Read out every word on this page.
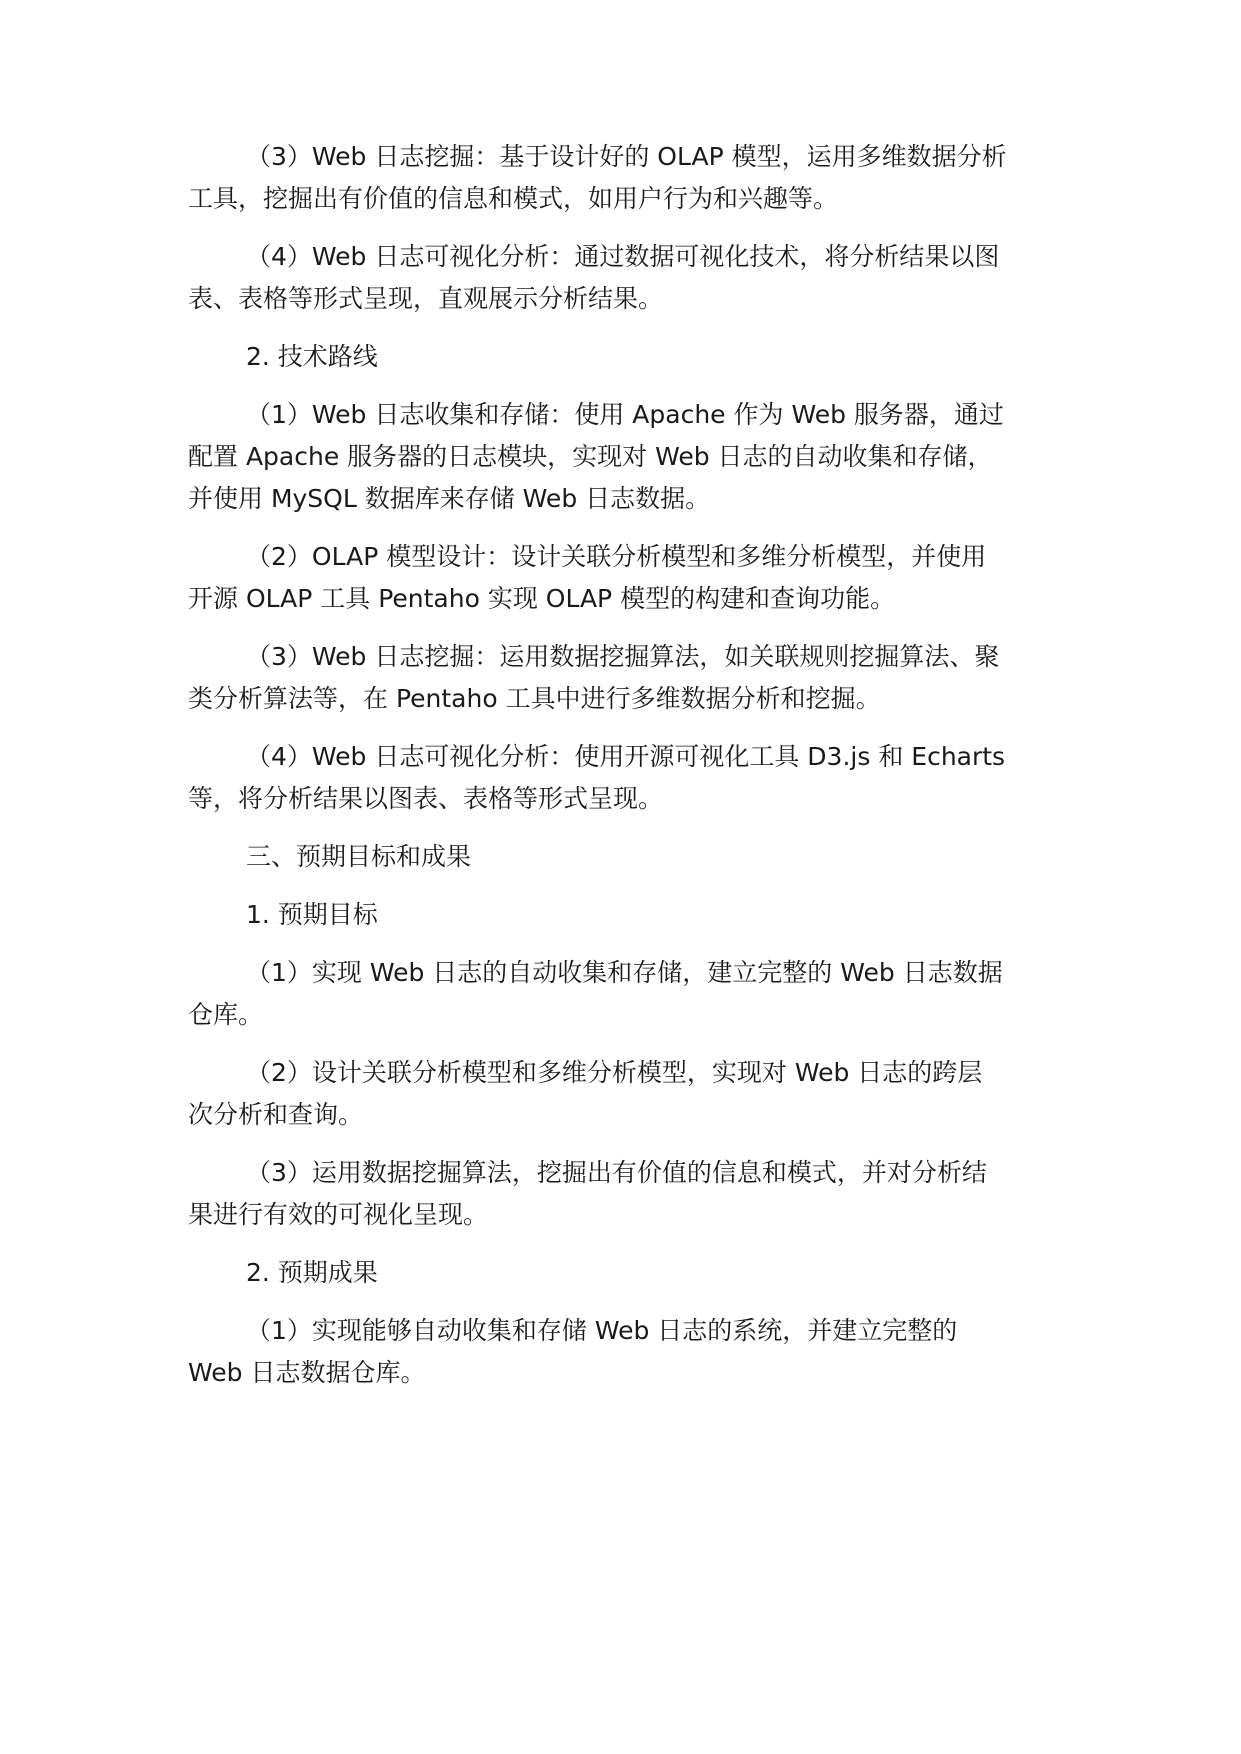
（3）Web 日志挖掘：基于设计好的 OLAP 模型，运用多维数据分析
工具，挖掘出有价值的信息和模式，如用户行为和兴趣等。
（4）Web 日志可视化分析：通过数据可视化技术，将分析结果以图
表、表格等形式呈现，直观展示分析结果。
2. 技术路线
（1）Web 日志收集和存储：使用 Apache 作为 Web 服务器，通过
配置 Apache 服务器的日志模块，实现对 Web 日志的自动收集和存储，
并使用 MySQL 数据库来存储 Web 日志数据。
（2）OLAP 模型设计：设计关联分析模型和多维分析模型，并使用
开源 OLAP 工具 Pentaho 实现 OLAP 模型的构建和查询功能。
（3）Web 日志挖掘：运用数据挖掘算法，如关联规则挖掘算法、聚
类分析算法等，在 Pentaho 工具中进行多维数据分析和挖掘。
（4）Web 日志可视化分析：使用开源可视化工具 D3.js 和 Echarts
等，将分析结果以图表、表格等形式呈现。
三、预期目标和成果
1. 预期目标
（1）实现 Web 日志的自动收集和存储，建立完整的 Web 日志数据
仓库。
（2）设计关联分析模型和多维分析模型，实现对 Web 日志的跨层
次分析和查询。
（3）运用数据挖掘算法，挖掘出有价值的信息和模式，并对分析结
果进行有效的可视化呈现。
2. 预期成果
（1）实现能够自动收集和存储 Web 日志的系统，并建立完整的
Web 日志数据仓库。
